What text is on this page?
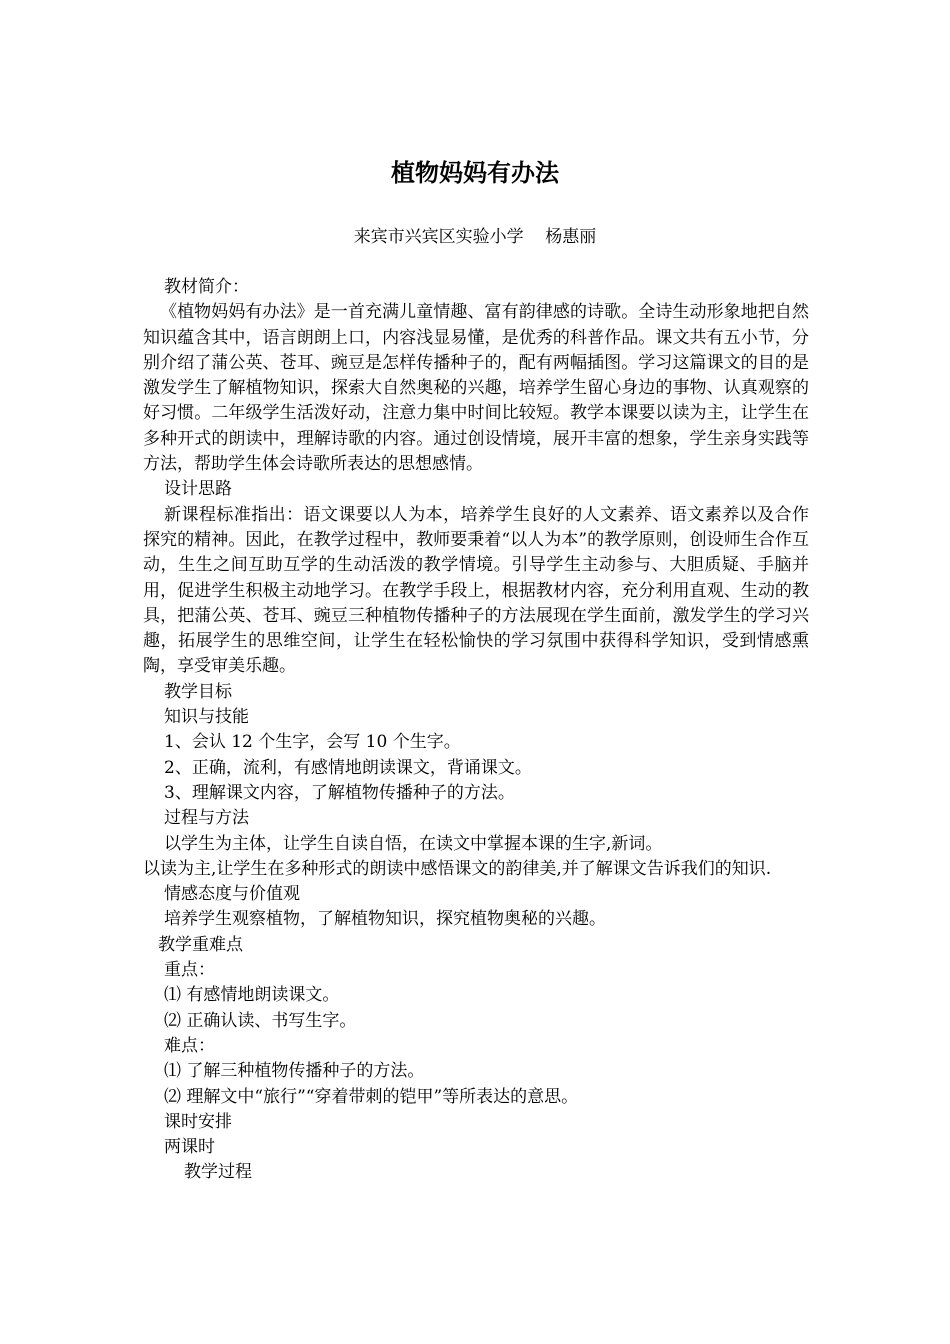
植物妈妈有办法
来宾市兴宾区实验小学    杨惠丽

教材简介：

《植物妈妈有办法》是一首充满儿童情趣、富有韵律感的诗歌。全诗生动形象地把自然知识蕴含其中，语言朗朗上口，内容浅显易懂，是优秀的科普作品。课文共有五小节，分别介绍了蒲公英、苍耳、豌豆是怎样传播种子的，配有两幅插图。学习这篇课文的目的是激发学生了解植物知识，探索大自然奥秘的兴趣，培养学生留心身边的事物、认真观察的好习惯。二年级学生活泼好动，注意力集中时间比较短。教学本课要以读为主，让学生在多种开式的朗读中，理解诗歌的内容。通过创设情境，展开丰富的想象，学生亲身实践等方法，帮助学生体会诗歌所表达的思想感情。

设计思路

新课程标准指出：语文课要以人为本，培养学生良好的人文素养、语文素养以及合作探究的精神。因此，在教学过程中，教师要秉着“以人为本”的教学原则，创设师生合作互动，生生之间互助互学的生动活泼的教学情境。引导学生主动参与、大胆质疑、手脑并用，促进学生积极主动地学习。在教学手段上，根据教材内容，充分利用直观、生动的教具，把蒲公英、苍耳、豌豆三种植物传播种子的方法展现在学生面前，激发学生的学习兴趣，拓展学生的思维空间，让学生在轻松愉快的学习氛围中获得科学知识，受到情感熏陶，享受审美乐趣。

教学目标

知识与技能

1、会认 12 个生字，会写 10 个生字。

2、正确，流利，有感情地朗读课文，背诵课文。

3、理解课文内容，了解植物传播种子的方法。

过程与方法

以学生为主体，让学生自读自悟，在读文中掌握本课的生字,新词。

以读为主,让学生在多种形式的朗读中感悟课文的韵律美,并了解课文告诉我们的知识.

情感态度与价值观

培养学生观察植物，了解植物知识，探究植物奥秘的兴趣。

教学重难点

重点：

⑴ 有感情地朗读课文。

⑵ 正确认读、书写生字。

难点：

⑴ 了解三种植物传播种子的方法。

⑵ 理解文中“旅行”“穿着带刺的铠甲”等所表达的意思。

课时安排

两课时

教学过程
